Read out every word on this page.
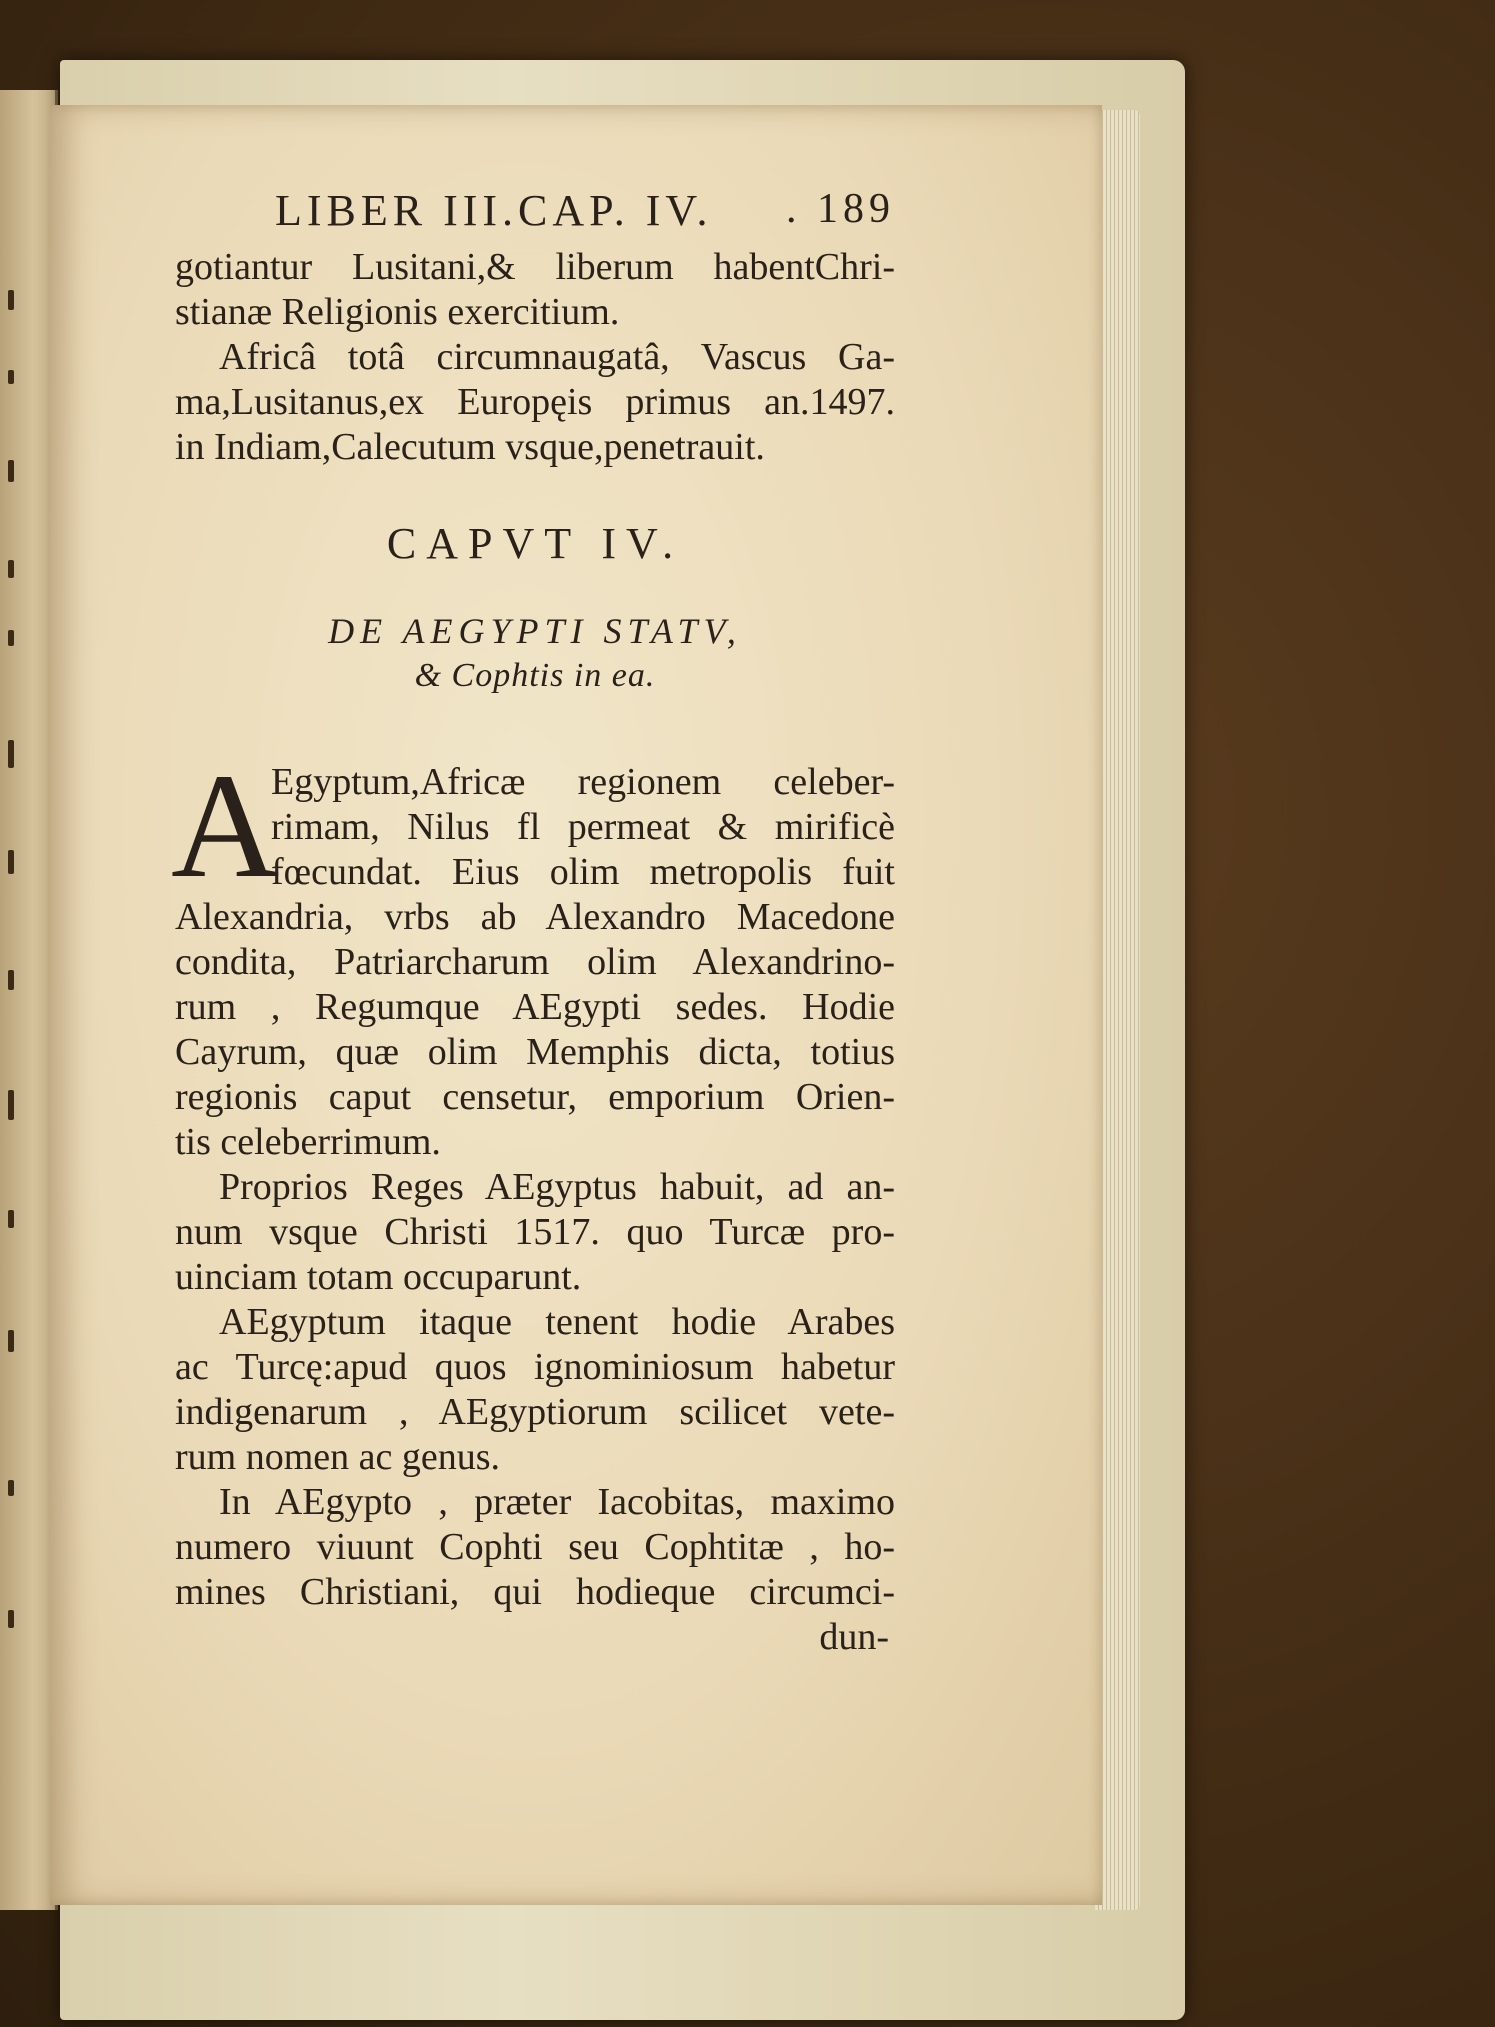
LIBER III.CAP. IV. . 189
gotiantur Lusitani,& liberum habentChri-
stianæ Religionis exercitium.
Africâ totâ circumnaugatâ, Vascus Ga-
ma,Lusitanus,ex Europęis primus an.1497.
in Indiam,Calecutum vsque,penetrauit.
CAPVT IV.
DE AEGYPTI STATV,
& Cophtis in ea.
A
Egyptum,Africæ regionem celeber-
rimam, Nilus fl permeat & mirificè
fœcundat. Eius olim metropolis fuit
Alexandria, vrbs ab Alexandro Macedone
condita, Patriarcharum olim Alexandrino-
rum , Regumque AEgypti sedes. Hodie
Cayrum, quæ olim Memphis dicta, totius
regionis caput censetur, emporium Orien-
tis celeberrimum.
Proprios Reges AEgyptus habuit, ad an-
num vsque Christi 1517. quo Turcæ pro-
uinciam totam occuparunt.
AEgyptum itaque tenent hodie Arabes
ac Turcę:apud quos ignominiosum habetur
indigenarum , AEgyptiorum scilicet vete-
rum nomen ac genus.
In AEgypto , præter Iacobitas, maximo
numero viuunt Cophti seu Cophtitæ , ho-
mines Christiani, qui hodieque circumci-
dun-
